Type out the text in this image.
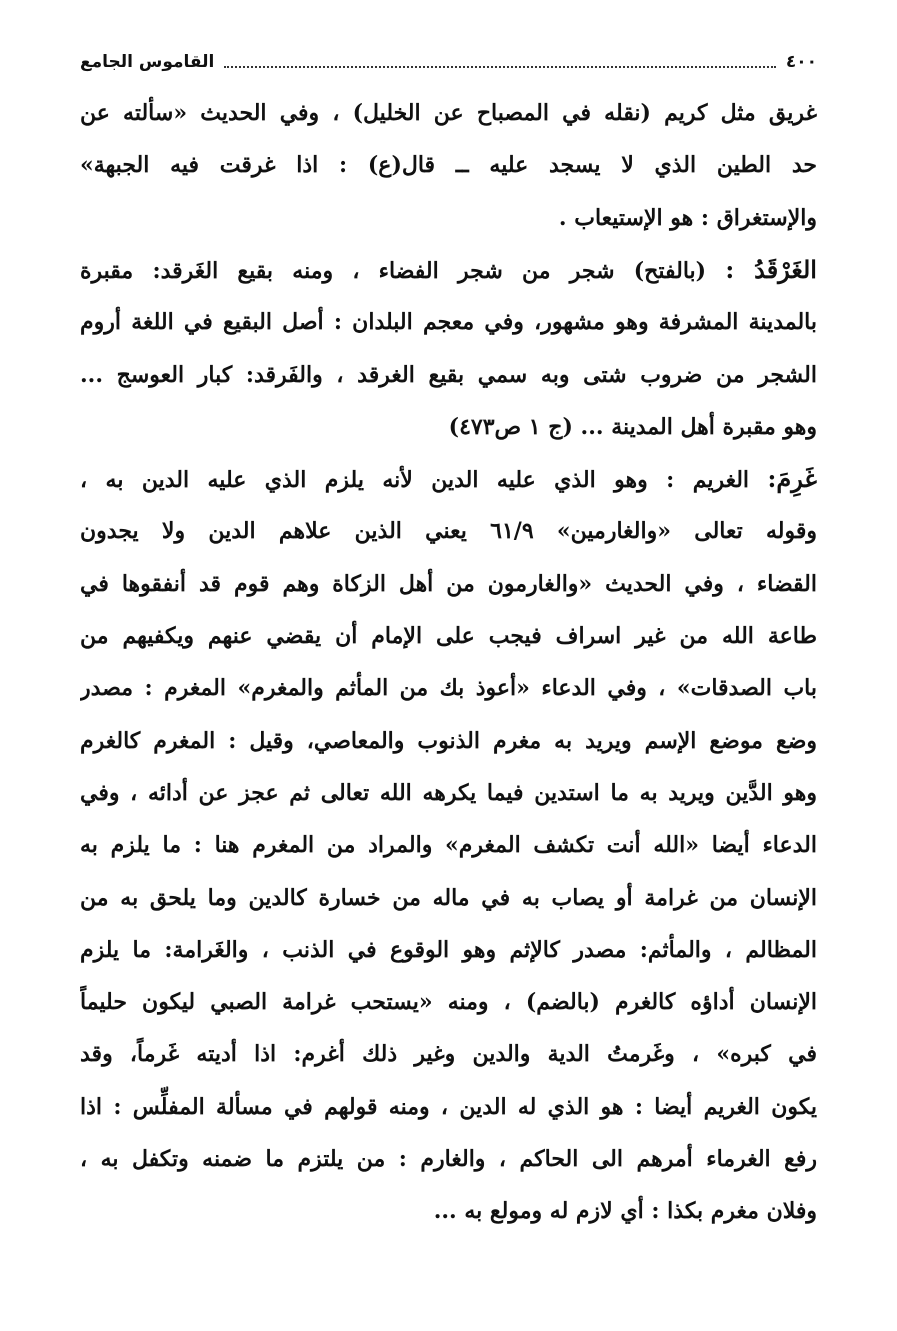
القاموس الجامع	٤٠٠
غريق مثل كريم (نقله في المصباح عن الخليل) ، وفي الحديث «سألته عن
حد الطين الذي لا يسجد عليه ــ قال(ع) : اذا غرقت فيه الجبهة»
والإستغراق : هو الإستيعاب .
الغَرْقَدُ : (بالفتح) شجر من شجر الفضاء ، ومنه بقيع الغَرقد: مقبرة
بالمدينة المشرفة وهو مشهور، وفي معجم البلدان : أصل البقيع في اللغة أروم
الشجر من ضروب شتى وبه سمي بقيع الغرقد ، والفَرقد: كبار العوسج ...
وهو مقبرة أهل المدينة ... (ج ١ ص٤٧٣)
غَرِمَ: الغريم : وهو الذي عليه الدين لأنه يلزم الذي عليه الدين به ،
وقوله تعالى «والغارمين» ٦١/٩ يعني الذين علاهم الدين ولا يجدون
القضاء ، وفي الحديث «والغارمون من أهل الزكاة وهم قوم قد أنفقوها في
طاعة الله من غير اسراف فيجب على الإمام أن يقضي عنهم ويكفيهم من
باب الصدقات» ، وفي الدعاء «أعوذ بك من المأثم والمغرم» المغرم : مصدر
وضع موضع الإسم ويريد به مغرم الذنوب والمعاصي، وقيل : المغرم كالغرم
وهو الدَّين ويريد به ما استدين فيما يكرهه الله تعالى ثم عجز عن أدائه ، وفي
الدعاء أيضا «الله أنت تكشف المغرم» والمراد من المغرم هنا : ما يلزم به
الإنسان من غرامة أو يصاب به في ماله من خسارة كالدين وما يلحق به من
المظالم ، والمأثم: مصدر كالإثم وهو الوقوع في الذنب ، والغَرامة: ما يلزم
الإنسان أداؤه كالغرم (بالضم) ، ومنه «يستحب غرامة الصبي ليكون حليماً
في كبره» ، وغَرمتُ الدية والدين وغير ذلك أغرم: اذا أديته غَرماً، وقد
يكون الغريم أيضا : هو الذي له الدين ، ومنه قولهم في مسألة المفلِّس : اذا
رفع الغرماء أمرهم الى الحاكم ، والغارم : من يلتزم ما ضمنه وتكفل به ،
وفلان مغرم بكذا : أي لازم له ومولع به ...
